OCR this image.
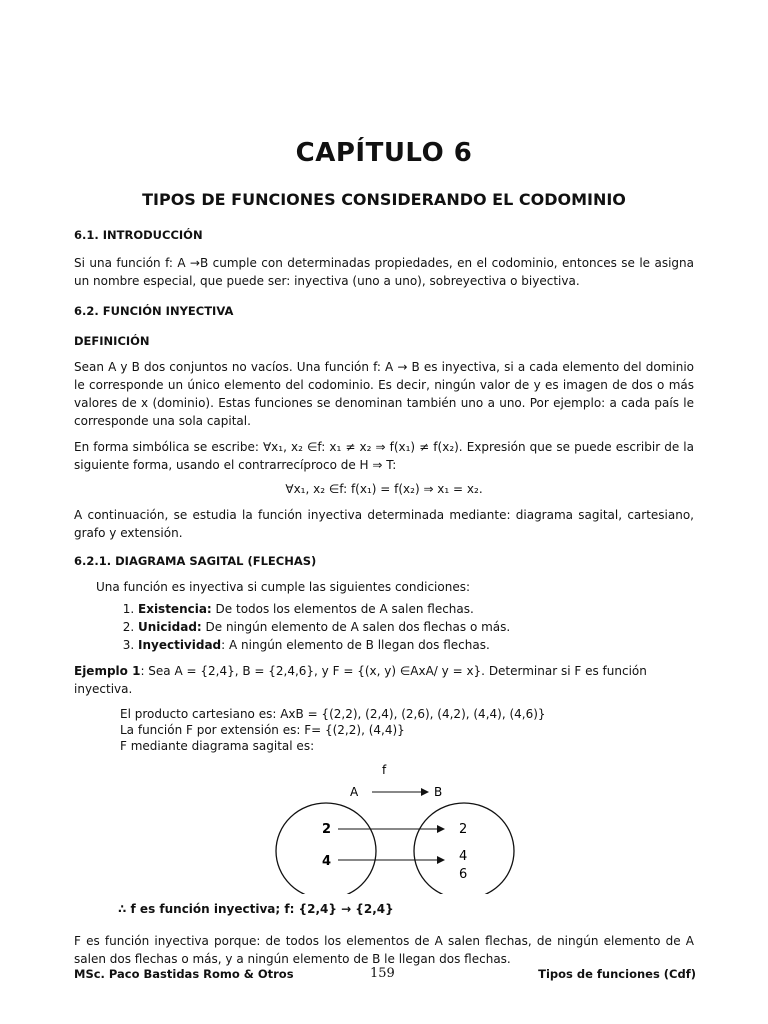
CAPÍTULO 6
TIPOS DE FUNCIONES CONSIDERANDO EL CODOMINIO
6.1. INTRODUCCIÓN

Si una función f: A →B cumple con determinadas propiedades, en el codominio, entonces se le asigna un nombre especial, que puede ser: inyectiva (uno a uno), sobreyectiva o biyectiva.

6.2. FUNCIÓN INYECTIVA
DEFINICIÓN

Sean A y B dos conjuntos no vacíos. Una función f: A → B es inyectiva, si a cada elemento del dominio le corresponde un único elemento del codominio. Es decir, ningún valor de y es imagen de dos o más valores de x (dominio). Estas funciones se denominan también uno a uno. Por ejemplo: a cada país le corresponde una sola capital.

En forma simbólica se escribe: ∀x₁, x₂ ∈f: x₁ ≠ x₂ ⇒ f(x₁) ≠ f(x₂). Expresión que se puede escribir de la siguiente forma, usando el contrarrecíproco de H ⇒ T:

∀x₁, x₂ ∈f: f(x₁) = f(x₂) ⇒ x₁ = x₂.

A continuación, se estudia la función inyectiva determinada mediante: diagrama sagital, cartesiano, grafo y extensión.

6.2.1. DIAGRAMA SAGITAL (FLECHAS)

Una función es inyectiva si cumple las siguientes condiciones:

1. Existencia: De todos los elementos de A salen flechas.
2. Unicidad: De ningún elemento de A salen dos flechas o más.
3. Inyectividad: A ningún elemento de B llegan dos flechas.

Ejemplo 1: Sea A = {2,4}, B = {2,4,6}, y F = {(x, y) ∈AxA/ y = x}. Determinar si F es función inyectiva.

El producto cartesiano es: AxB = {(2,2), (2,4), (2,6), (4,2), (4,4), (4,6)}
La función F por extensión es: F= {(2,2), (4,4)}
F mediante diagrama sagital es:
f
A	B
2
4
2
4
6
∴ f es función inyectiva; f: {2,4} → {2,4}

F es función inyectiva porque: de todos los elementos de A salen flechas, de ningún elemento de A salen dos flechas o más, y a ningún elemento de B le llegan dos flechas.

MSc. Paco Bastidas Romo & Otros	159	Tipos de funciones (Cdf)
